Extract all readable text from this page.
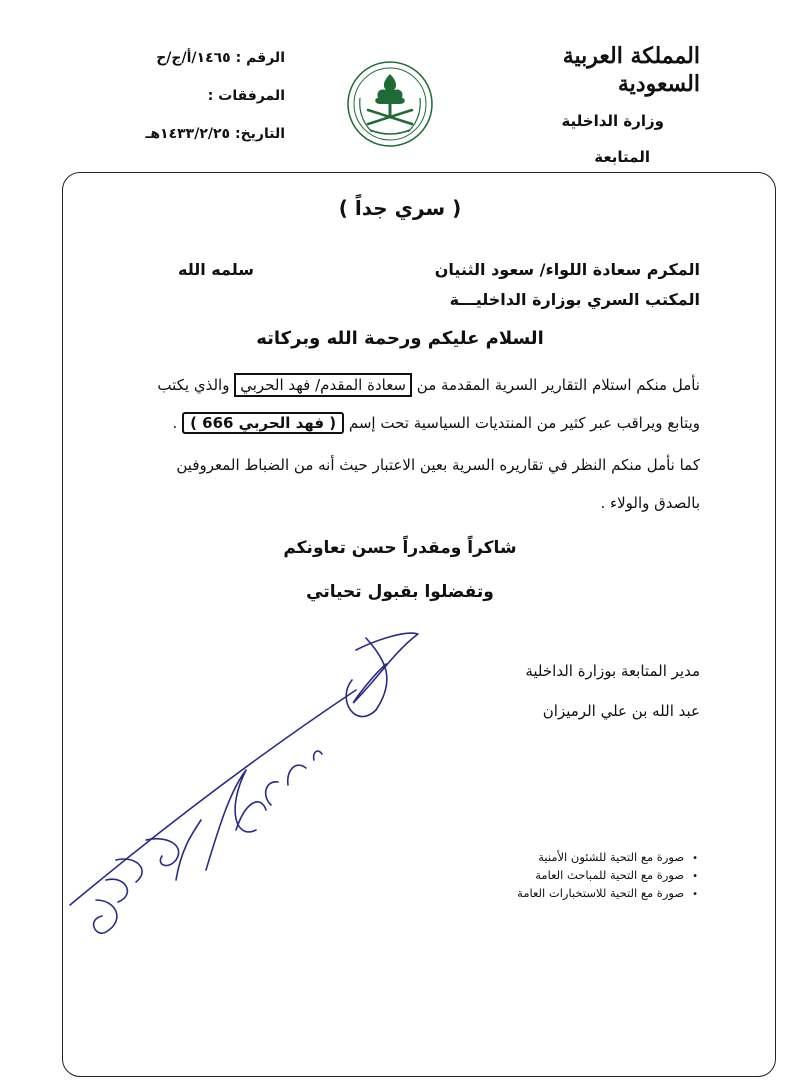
المملكة العربية السعودية
وزارة الداخلية
المتابعة
الرقم : ١٤٦٥/أ/ج/ح
المرفقات :
التاريخ: ١٤٣٣/٢/٢٥هـ
( سري جداً )
المكرم سعادة اللواء/ سعود الثنيان
سلمه الله
المكتب السري بوزارة الداخليـــة
السلام عليكم ورحمة الله وبركاته
نأمل منكم استلام التقارير السرية المقدمة من سعادة المقدم/ فهد الحربي والذي يكتب
ويتابع ويراقب عبر كثير من المنتديات السياسية تحت إسم ( فهد الحربي 666 ) .
كما نأمل منكم النظر في تقاريره السرية بعين الاعتبار حيث أنه من الضباط المعروفين
بالصدق والولاء .
شاكراً ومقدراً حسن تعاونكم
وتفضلوا بقبول تحياتي
مدير المتابعة بوزارة الداخلية
عبد الله بن علي الرميزان
• صورة مع التحية للشئون الأمنية
• صورة مع التحية للمباحث العامة
• صورة مع التحية للاستخبارات العامة
